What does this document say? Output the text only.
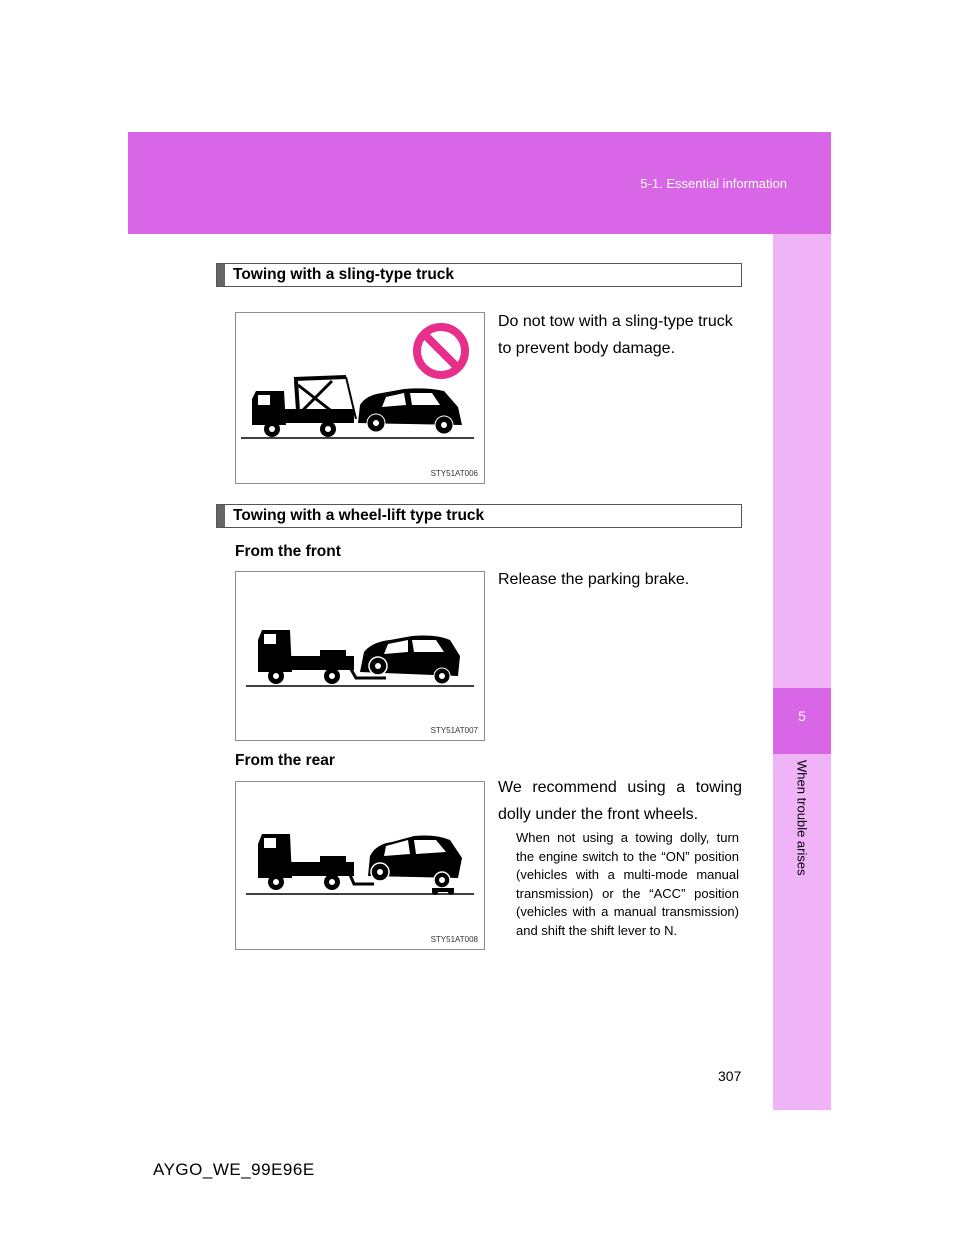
5-1. Essential information
5
When trouble arises
Towing with a sling-type truck
STY51AT006
Do not tow with a sling-type truck to prevent body damage.
Towing with a wheel-lift type truck
From the front
STY51AT007
Release the parking brake.
From the rear
STY51AT008
We recommend using a towing dolly under the front wheels.
When not using a towing dolly, turn the engine switch to the “ON” position (vehicles with a multi-mode manual transmission) or the “ACC” position (vehicles with a manual transmission) and shift the shift lever to N.
307
AYGO_WE_99E96E
